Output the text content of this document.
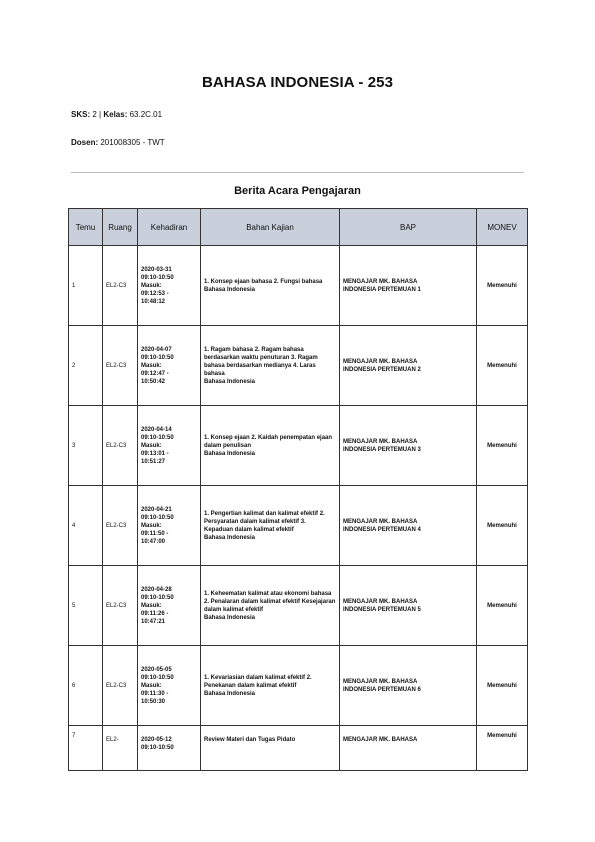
BAHASA INDONESIA - 253
SKS: 2 | Kelas: 63.2C.01
Dosen: 201008305 - TWT
Berita Acara Pengajaran
Temu	Ruang	Kehadiran	Bahan Kajian	BAP	MONEV
1	EL2-C3	2020-03-31
09:10-10:50
Masuk:
09:12:53 -
10:48:12	1. Konsep ejaan bahasa 2. Fungsi bahasa
Bahasa Indonesia	MENGAJAR MK. BAHASA
INDONESIA PERTEMUAN 1	Memenuhi
2	EL2-C3	2020-04-07
09:10-10:50
Masuk:
09:12:47 -
10:50:42	1. Ragam bahasa 2. Ragam bahasa berdasarkan waktu penuturan 3. Ragam bahasa berdasarkan medianya 4. Laras bahasa
Bahasa Indonesia	MENGAJAR MK. BAHASA
INDONESIA PERTEMUAN 2	Memenuhi
3	EL2-C3	2020-04-14
09:10-10:50
Masuk:
09:13:01 -
10:51:27	1. Konsep ejaan 2. Kaidah penempatan ejaan dalam penulisan
Bahasa Indonesia	MENGAJAR MK. BAHASA
INDONESIA PERTEMUAN 3	Memenuhi
4	EL2-C3	2020-04-21
09:10-10:50
Masuk:
09:11:50 -
10:47:00	1. Pengertian kalimat dan kalimat efektif 2. Persyaratan dalam kalimat efektif 3. Kepaduan dalam kalimat efektif
Bahasa Indonesia	MENGAJAR MK. BAHASA
INDONESIA PERTEMUAN 4	Memenuhi
5	EL2-C3	2020-04-28
09:10-10:50
Masuk:
09:11:26 -
10:47:21	1. Keheematan kalimat atau ekonomi bahasa 2. Penalaran dalam kalimat efektif Kesejajaran dalam kalimat efektif
Bahasa Indonesia	MENGAJAR MK. BAHASA
INDONESIA PERTEMUAN 5	Memenuhi
6	EL2-C3	2020-05-05
09:10-10:50
Masuk:
09:11:30 -
10:50:30	1. Kevariasian dalam kalimat efektif 2. Penekanan dalam kalimat efektif
Bahasa Indonesia	MENGAJAR MK. BAHASA
INDONESIA PERTEMUAN 6	Memenuhi
7	EL2-	2020-05-12
09:10-10:50	Review Materi dan Tugas Pidato	MENGAJAR MK. BAHASA	Memenuhi
